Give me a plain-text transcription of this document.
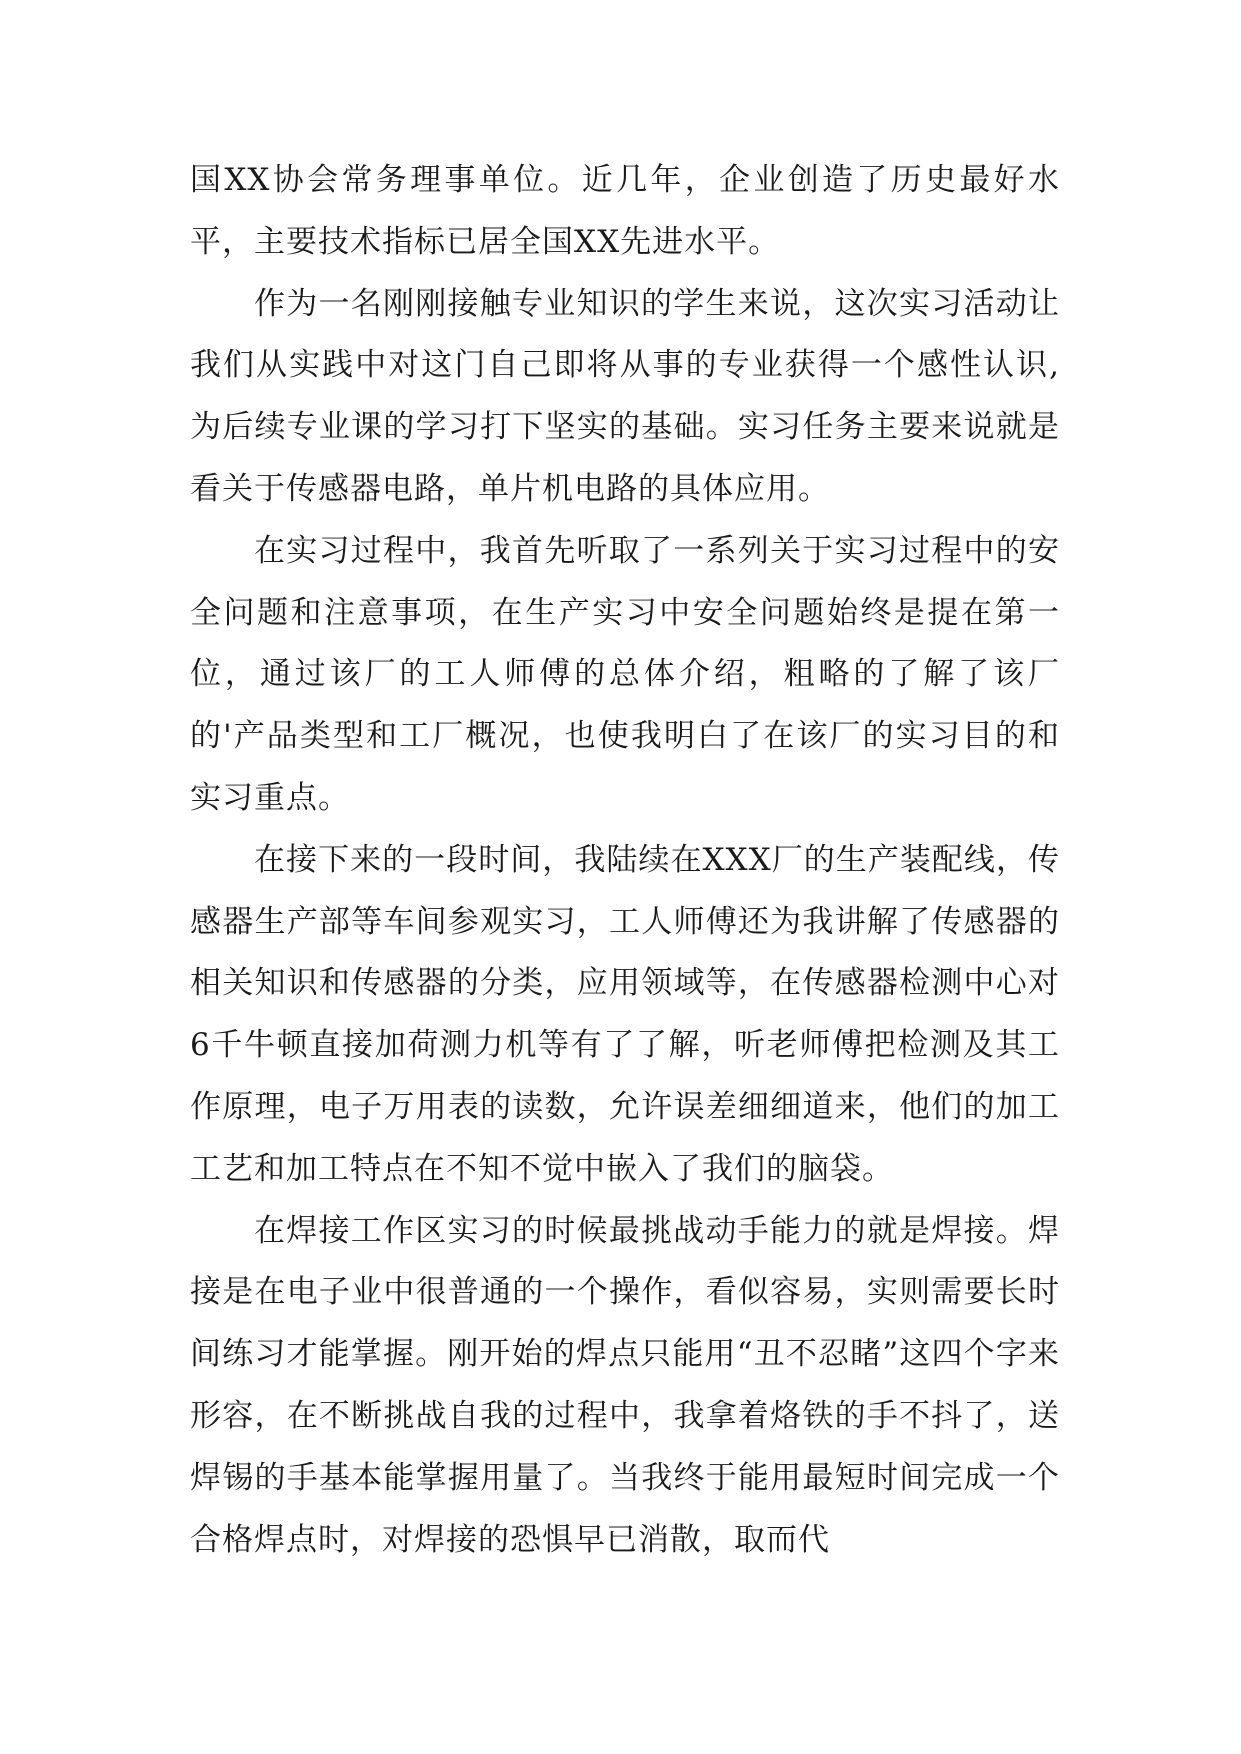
国XX协会常务理事单位。近几年，企业创造了历史最好水平，主要技术指标已居全国XX先进水平。

作为一名刚刚接触专业知识的学生来说，这次实习活动让我们从实践中对这门自己即将从事的专业获得一个感性认识,为后续专业课的学习打下坚实的基础。实习任务主要来说就是看关于传感器电路，单片机电路的具体应用。

在实习过程中，我首先听取了一系列关于实习过程中的安全问题和注意事项，在生产实习中安全问题始终是提在第一位，通过该厂的工人师傅的总体介绍，粗略的了解了该厂的'产品类型和工厂概况，也使我明白了在该厂的实习目的和实习重点。

在接下来的一段时间，我陆续在XXX厂的生产装配线，传感器生产部等车间参观实习，工人师傅还为我讲解了传感器的相关知识和传感器的分类，应用领域等，在传感器检测中心对6千牛顿直接加荷测力机等有了了解，听老师傅把检测及其工作原理，电子万用表的读数，允许误差细细道来，他们的加工工艺和加工特点在不知不觉中嵌入了我们的脑袋。

在焊接工作区实习的时候最挑战动手能力的就是焊接。焊接是在电子业中很普通的一个操作，看似容易，实则需要长时间练习才能掌握。刚开始的焊点只能用“丑不忍睹”这四个字来形容，在不断挑战自我的过程中，我拿着烙铁的手不抖了，送焊锡的手基本能掌握用量了。当我终于能用最短时间完成一个合格焊点时，对焊接的恐惧早已消散，取而代
